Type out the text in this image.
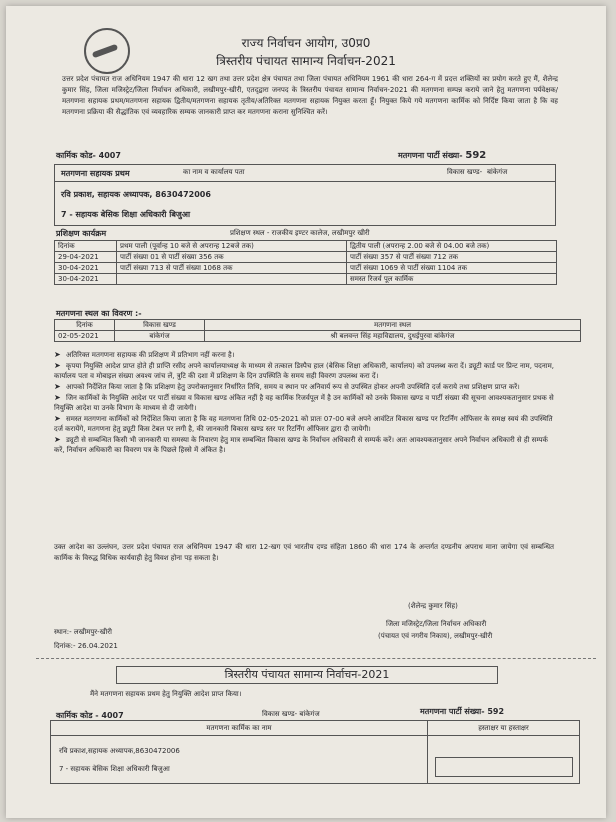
राज्य निर्वाचन आयोग, उ0प्र0
त्रिस्तरीय पंचायत सामान्य निर्वाचन-2021
उत्तर प्रदेश पंचायत राज अधिनियम 1947 की धारा 12 खग तथा उत्तर प्रदेश क्षेत्र पंचायत तथा जिला पंचायत अधिनियम 1961 की धारा 264-ग में प्रदत्त शक्तियों का प्रयोग करते हुए मैं, शैलेन्द्र कुमार सिंह, जिला मजिस्ट्रेट/जिला निर्वाचन अधिकारी, लखीमपुर-खीरी, एतद्‌द्वारा जनपद के त्रिस्तरीय पंचायत सामान्य निर्वाचन-2021 की मतगणना सम्पन्न कराये जाने हेतु मतगणना पर्यवेक्षक/मतगणना सहायक प्रथम/मतगणना सहायक द्वितीय/मतगणना सहायक तृतीय/अतिरिक्त मतगणना सहायक नियुक्त करता हूँ। नियुक्त किये गये मतगणना कार्मिक को निर्दिष्ट किया जाता है कि वह मतगणना प्रक्रिया की सैद्धांतिक एवं व्यवहारिक सम्यक जानकारी प्राप्त कर मतगणना कराना सुनिश्चित करें।
कार्मिक कोड- 4007	मतगणना पार्टी संख्या- 592
मतगणना सहायक प्रथम	का नाम व कार्यालय पता	विकास खण्ड- बांकेगंज
रवि प्रकाश, सहायक अध्यापक, 8630472006
7 - सहायक बेसिक शिक्षा अधिकारी बिजुआ
प्रशिक्षण कार्यक्रम	प्रशिक्षण स्थल - राजकीय इण्टर कालेज, लखीमपुर खीरी
दिनांक	प्रथम पाली (पूर्वान्ह 10 बजे से अपरान्ह 12बजे तक)	द्वितीय पाली (अपरान्ह 2.00 बजे से 04.00 बजे तक)
29-04-2021	पार्टी संख्या 01 से पार्टी संख्या 356 तक	पार्टी संख्या 357 से पार्टी संख्या 712 तक
30-04-2021	पार्टी संख्या 713 से पार्टी संख्या 1068 तक	पार्टी संख्या 1069 से पार्टी संख्या 1104 तक
30-04-2021		समस्त रिजर्व पूल कार्मिक
मतगणना स्थल का विवरण :-
दिनांक	विकास खण्ड	मतगणना स्थल
02-05-2021	बांकेगंज	श्री बलवन्त सिंह महाविद्यालय, दुधईपुरवा बांकेगंज
➤ अतिरिक्त मतगणना सहायक की प्रशिक्षण में प्रतिभाग नहीं करना है।
➤ कृपया नियुक्ति आदेश प्राप्त होते ही प्राप्ति रसीद अपने कार्यालयाध्यक्ष के माध्यम से तत्काल डिस्पैच हाल (बेसिक शिक्षा अधिकारी, कार्यालय) को उपलब्ध करा दें। ड्यूटी कार्ड पर प्रिन्ट नाम, पदनाम, कार्यालय पता व मोबाइल संख्या अवश्य जांच लें, त्रुटि की दशा में प्रशिक्षण के दिन उपस्थिति के समय सही विवरण उपलब्ध करा दें।
➤ आपको निर्देशित किया जाता है कि प्रशिक्षण हेतु उपरोक्तानुसार निर्धारित तिथि, समय व स्थान पर अनिवार्य रूप से उपस्थित होकर अपनी उपस्थिति दर्ज कराये तथा प्रशिक्षण प्राप्त करें।
➤ जिन कार्मिकों के नियुक्ति आदेश पर पार्टी संख्या व विकास खण्ड अंकित नहीं है वह कार्मिक रिजर्वपूल में है उन कार्मिकों को उनके विकास खण्ड व पार्टी संख्या की सूचना आवश्यकतानुसार प्रथक से नियुक्ति आदेश या उनके विभाग के माध्यम से दी जायेगी।
➤ समस्त मतगणना कार्मिकों को निर्देशित किया जाता है कि वह मतगणना तिथि 02-05-2021 को प्रातः 07-00 बजे अपने आवंटित विकास खण्ड पर रिटर्निंग ऑफिसर के समक्ष स्वयं की उपस्थिति दर्ज करायेंगे, मतगणना हेतु ड्यूटी किस टेबल पर लगी है, की जानकारी विकास खण्ड स्तर पर रिटर्निंग ऑफिसर द्वारा दी जायेगी।
➤ ड्यूटी से सम्बन्धित किसी भी जानकारी या समस्या के निवारण हेतु मात्र सम्बन्धित विकास खण्ड के निर्वाचन अधिकारी से सम्पर्क करें। अतः आवश्यकतानुसार अपने निर्वाचन अधिकारी से ही सम्पर्क करें, निर्वाचन अधिकारी का विवरण पत्र के पिछले हिस्से में अंकित है।
उक्त आदेश का उल्लंघन, उत्तर प्रदेश पंचायत राज अधिनियम 1947 की धारा 12-खग एवं भारतीय दण्ड संहिता 1860 की धारा 174 के अन्तर्गत दण्डनीय अपराध माना जायेगा एवं सम्बन्धित कार्मिक के विरुद्ध विधिक कार्यवाही हेतु विवश होना पड़ सकता है।
(शैलेन्द्र कुमार सिंह)
जिला मजिस्ट्रेट/जिला निर्वाचन अधिकारी
(पंचायत एवं नगरीय निकाय), लखीमपुर-खीरी
स्थान:- लखीमपुर-खीरी
दिनांक:- 26.04.2021
त्रिस्तरीय पंचायत सामान्य निर्वाचन-2021
मैंने मतगणना सहायक प्रथम हेतु नियुक्ति आदेश प्राप्त किया।
कार्मिक कोड - 4007	विकास खण्ड- बांकेगंज	मतगणना पार्टी संख्या- 592
मतगणना कार्मिक का नाम	हस्ताक्षर या हस्ताक्षर
रवि प्रकाश,सहायक अध्यापक,8630472006
7 - सहायक बेसिक शिक्षा अधिकारी बिजुआ
